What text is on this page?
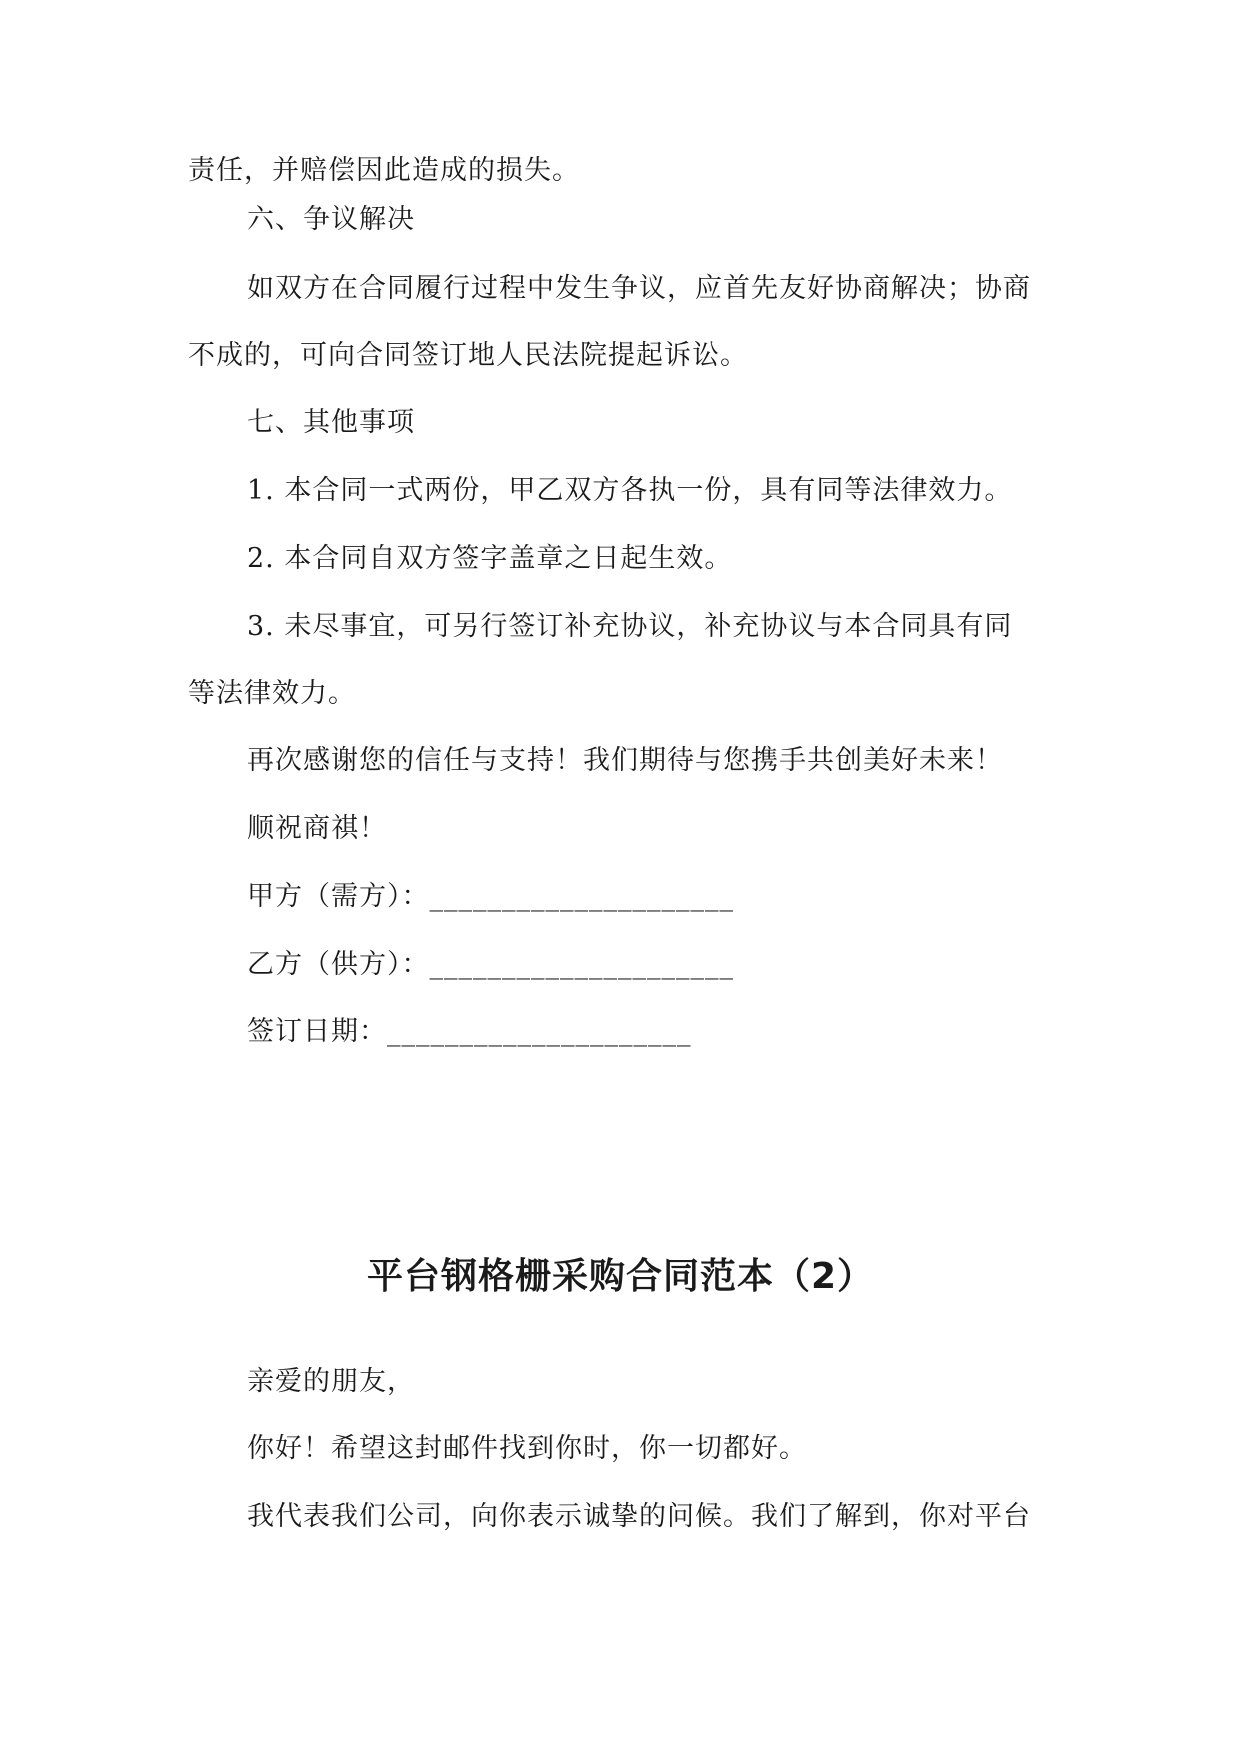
责任，并赔偿因此造成的损失。
六、争议解决
如双方在合同履行过程中发生争议，应首先友好协商解决；协商
不成的，可向合同签订地人民法院提起诉讼。
七、其他事项
1. 本合同一式两份，甲乙双方各执一份，具有同等法律效力。
2. 本合同自双方签字盖章之日起生效。
3. 未尽事宜，可另行签订补充协议，补充协议与本合同具有同
等法律效力。
再次感谢您的信任与支持！我们期待与您携手共创美好未来！
顺祝商祺！
甲方（需方）：_____________________
乙方（供方）：_____________________
签订日期：_____________________
平台钢格栅采购合同范本（2）
亲爱的朋友，
你好！希望这封邮件找到你时，你一切都好。
我代表我们公司，向你表示诚挚的问候。我们了解到，你对平台
